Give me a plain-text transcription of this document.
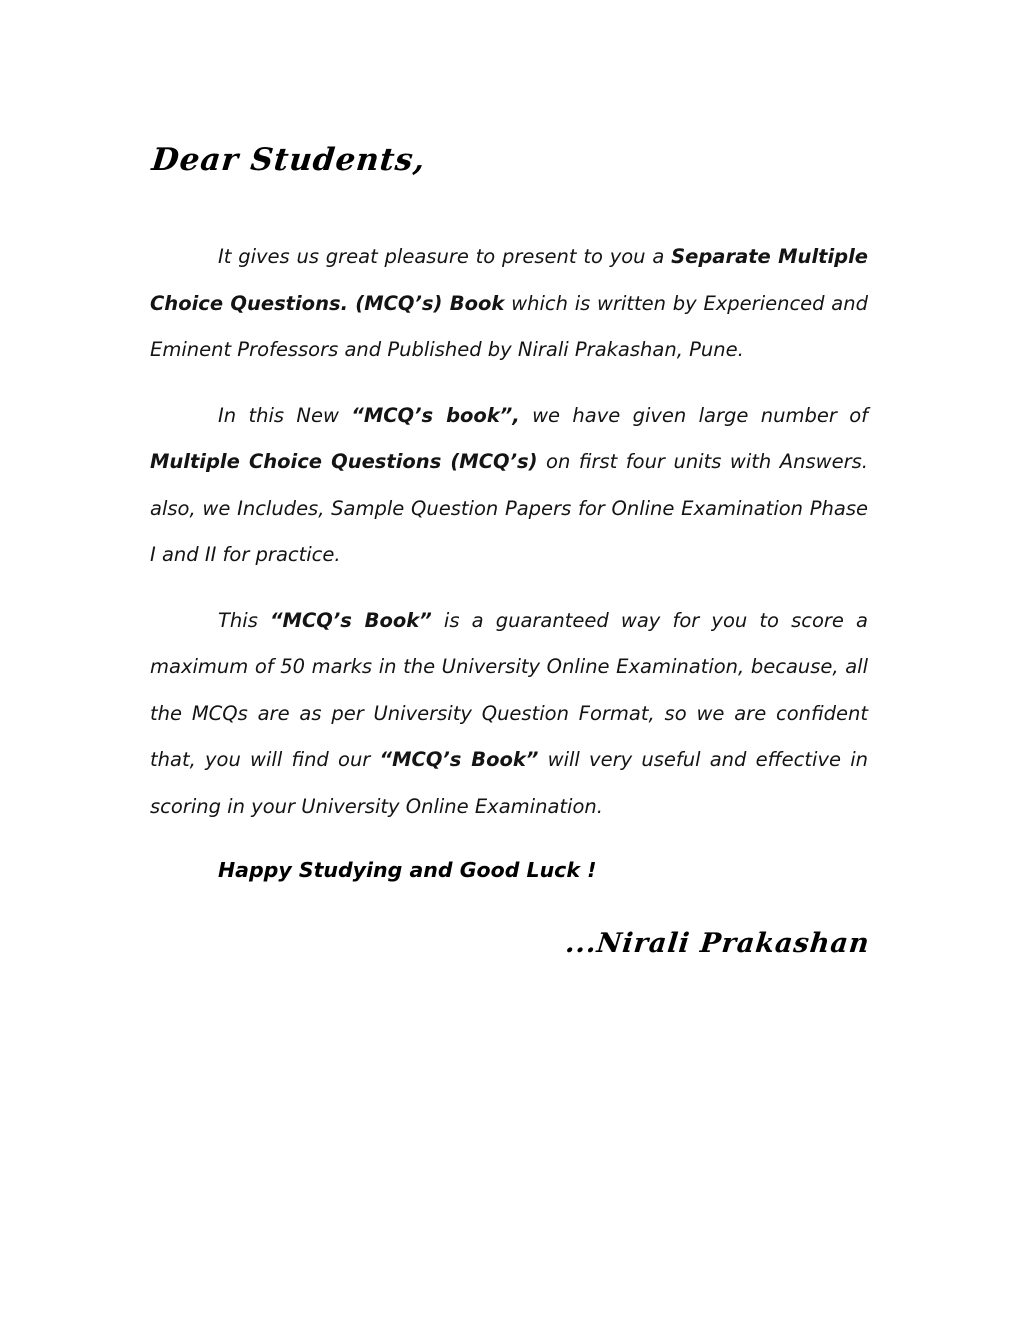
Dear Students,

It gives us great pleasure to present to you a Separate Multiple Choice Questions. (MCQ’s) Book which is written by Experienced and Eminent Professors and Published by Nirali Prakashan, Pune.

In this New “MCQ’s book”, we have given large number of Multiple Choice Questions (MCQ’s) on first four units with Answers. also, we Includes, Sample Question Papers for Online Examination Phase I and II for practice.

This “MCQ’s Book” is a guaranteed way for you to score a maximum of 50 marks in the University Online Examination, because, all the MCQs are as per University Question Format, so we are confident that, you will find our “MCQ’s Book” will very useful and effective in scoring in your University Online Examination.

Happy Studying and Good Luck !

...Nirali Prakashan
